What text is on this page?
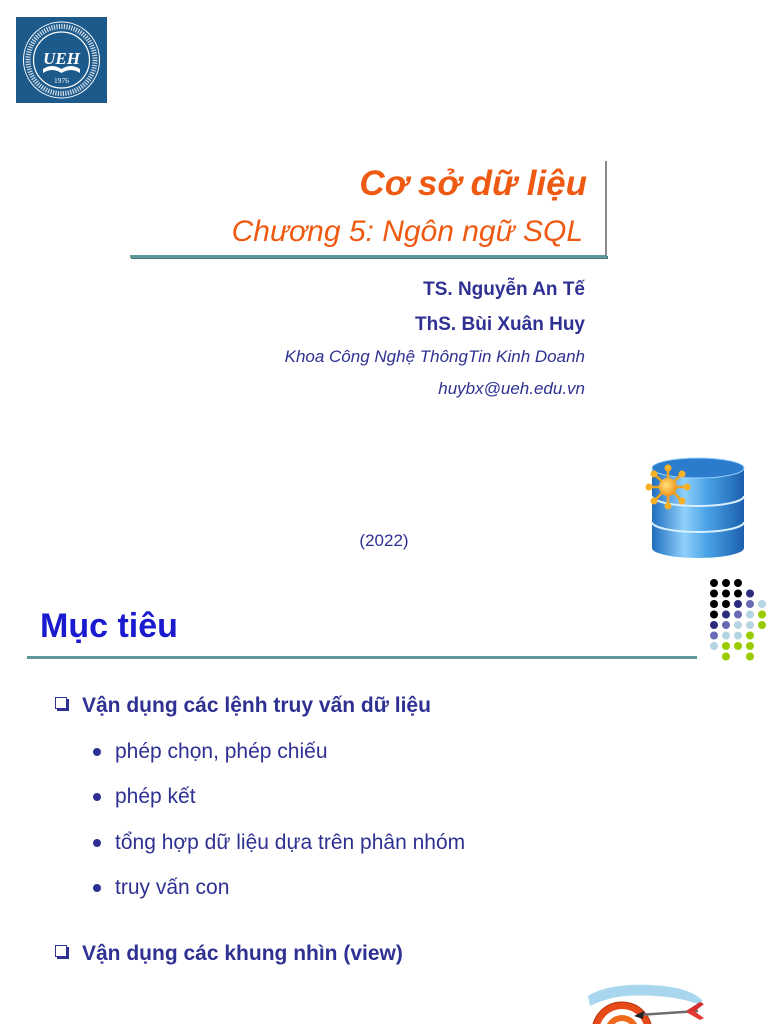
UEH
1976
Cơ sở dữ liệu
Chương 5: Ngôn ngữ SQL
TS. Nguyễn An Tế
ThS. Bùi Xuân Huy
Khoa Công Nghệ ThôngTin Kinh Doanh
huybx@ueh.edu.vn
(2022)
Mục tiêu
Vận dụng các lệnh truy vấn dữ liệu
phép chọn, phép chiếu
phép kết
tổng hợp dữ liệu dựa trên phân nhóm
truy vấn con
Vận dụng các khung nhìn (view)
